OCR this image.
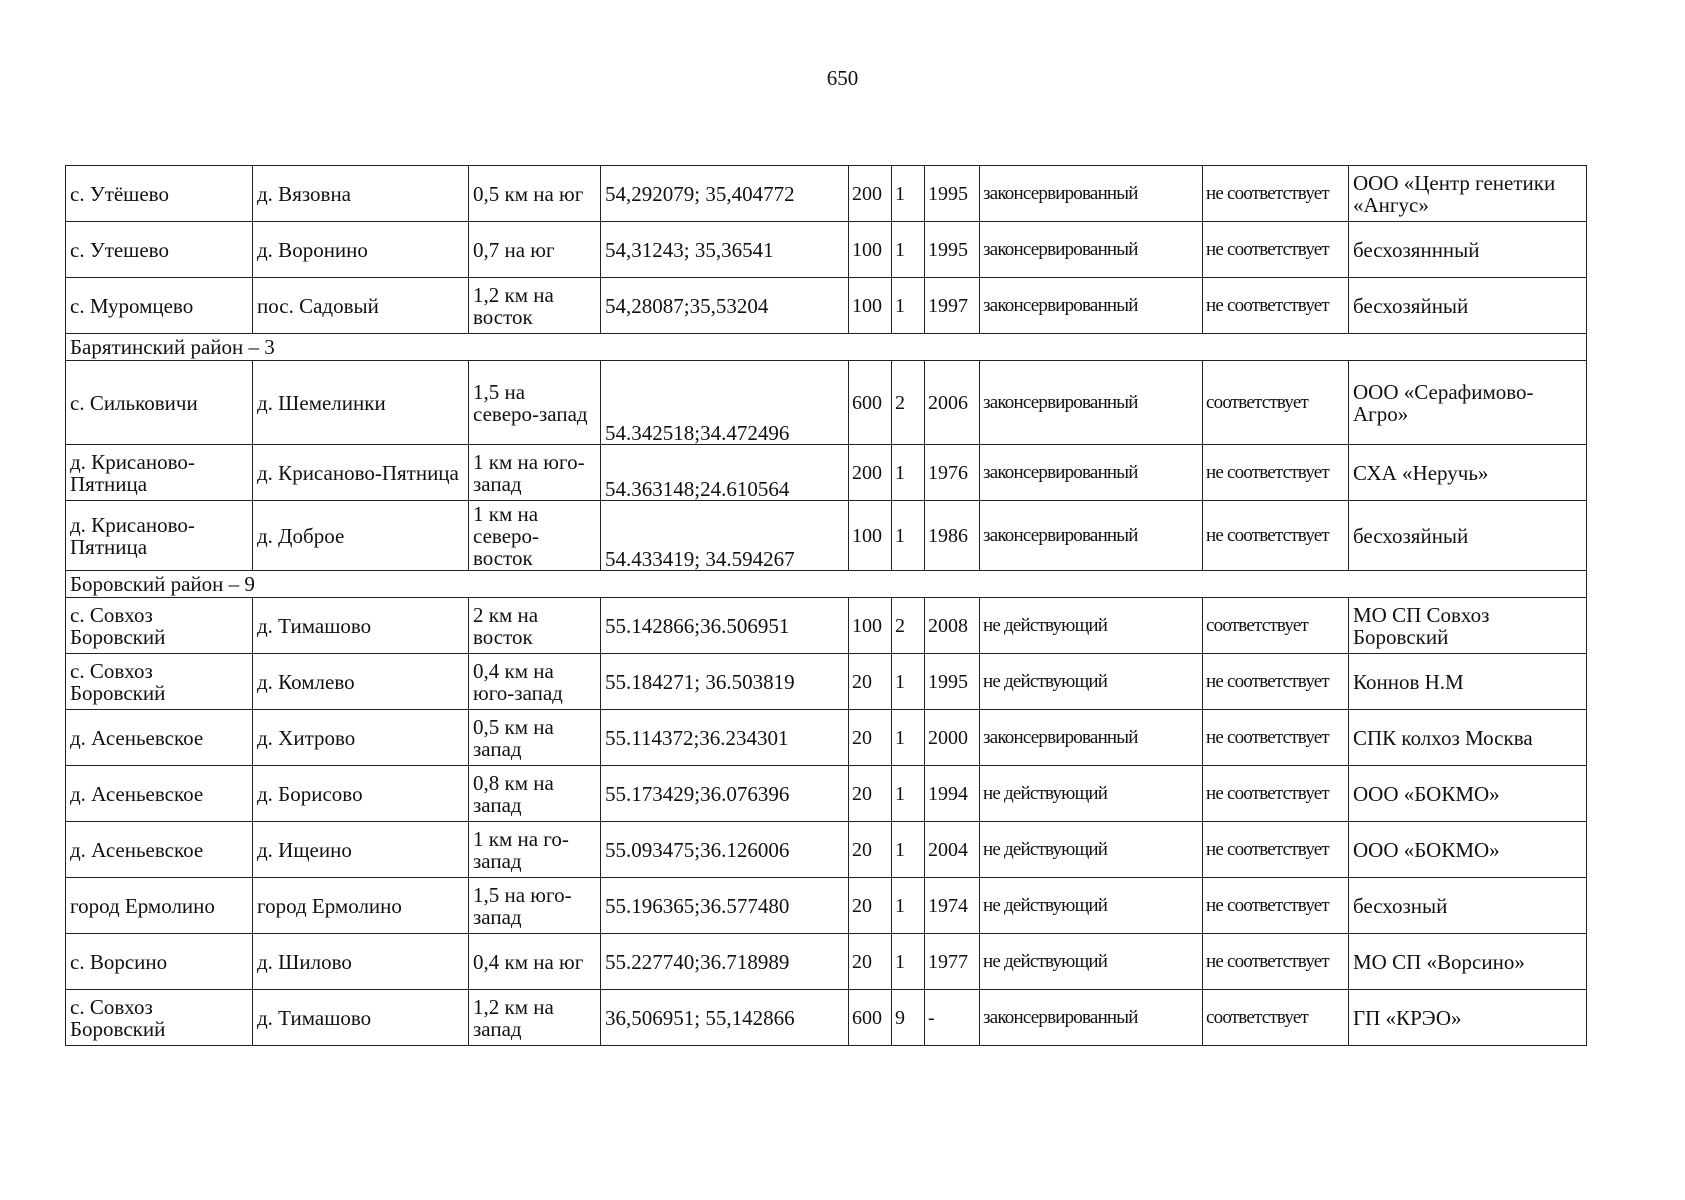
650
с. Утёшево	д. Вязовна	0,5 км на юг	54,292079; 35,404772	200	1	1995	законсервированный	не соответствует	ООО «Центр генетики «Ангус»
с. Утешево	д. Воронино	0,7 на юг	54,31243; 35,36541	100	1	1995	законсервированный	не соответствует	бесхозяннный
с. Муромцево	пос. Садовый	1,2 км на восток	54,28087;35,53204	100	1	1997	законсервированный	не соответствует	бесхозяйный
Барятинский район – 3									
с. Сильковичи	д. Шемелинки	1,5 на северо-запад	54.342518;34.472496	600	2	2006	законсервированный	соответствует	ООО «Серафимово-Агро»
д. Крисаново-Пятница	д. Крисаново-Пятница	1 км на юго-запад	54.363148;24.610564	200	1	1976	законсервированный	не соответствует	СХА «Неручь»
д. Крисаново-Пятница	д. Доброе	1 км на северо-восток	54.433419; 34.594267	100	1	1986	законсервированный	не соответствует	бесхозяйный
Боровский район – 9									
с. Совхоз Боровский	д. Тимашово	2 км на восток	55.142866;36.506951	100	2	2008	не действующий	соответствует	МО СП Совхоз Боровский
с. Совхоз Боровский	д. Комлево	0,4 км на юго-запад	55.184271; 36.503819	20	1	1995	не действующий	не соответствует	Коннов Н.М
д. Асеньевское	д. Хитрово	0,5 км на запад	55.114372;36.234301	20	1	2000	законсервированный	не соответствует	СПК колхоз Москва
д. Асеньевское	д. Борисово	0,8 км на запад	55.173429;36.076396	20	1	1994	не действующий	не соответствует	ООО «БОКМО»
д. Асеньевское	д. Ищеино	1 км на го-запад	55.093475;36.126006	20	1	2004	не действующий	не соответствует	ООО «БОКМО»
город Ермолино	город Ермолино	1,5 на юго-запад	55.196365;36.577480	20	1	1974	не действующий	не соответствует	бесхозный
с. Ворсино	д. Шилово	0,4 км на юг	55.227740;36.718989	20	1	1977	не действующий	не соответствует	МО СП «Ворсино»
с. Совхоз Боровский	д. Тимашово	1,2 км на запад	36,506951; 55,142866	600	9	-	законсервированный	соответствует	ГП «КРЭО»
